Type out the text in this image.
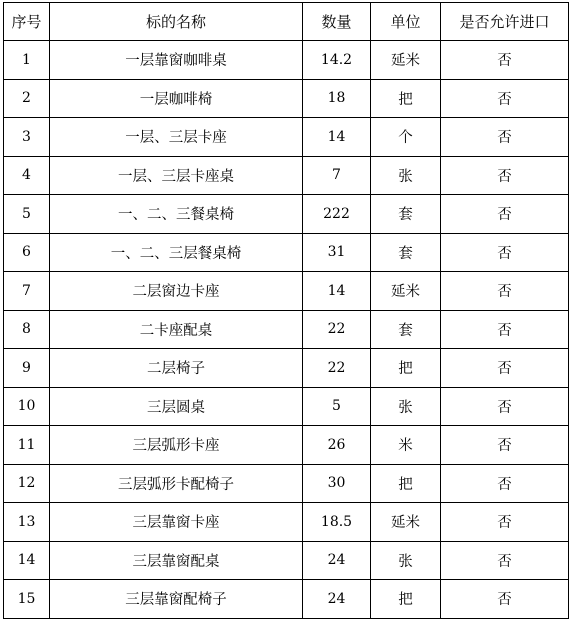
序号	标的名称	数量	单位	是否允许进口
1	一层靠窗咖啡桌	14.2	延米	否
2	一层咖啡椅	18	把	否
3	一层、三层卡座	14	个	否
4	一层、三层卡座桌	7	张	否
5	一、二、三餐桌椅	222	套	否
6	一、二、三层餐桌椅	31	套	否
7	二层窗边卡座	14	延米	否
8	二卡座配桌	22	套	否
9	二层椅子	22	把	否
10	三层圆桌	5	张	否
11	三层弧形卡座	26	米	否
12	三层弧形卡配椅子	30	把	否
13	三层靠窗卡座	18.5	延米	否
14	三层靠窗配桌	24	张	否
15	三层靠窗配椅子	24	把	否
